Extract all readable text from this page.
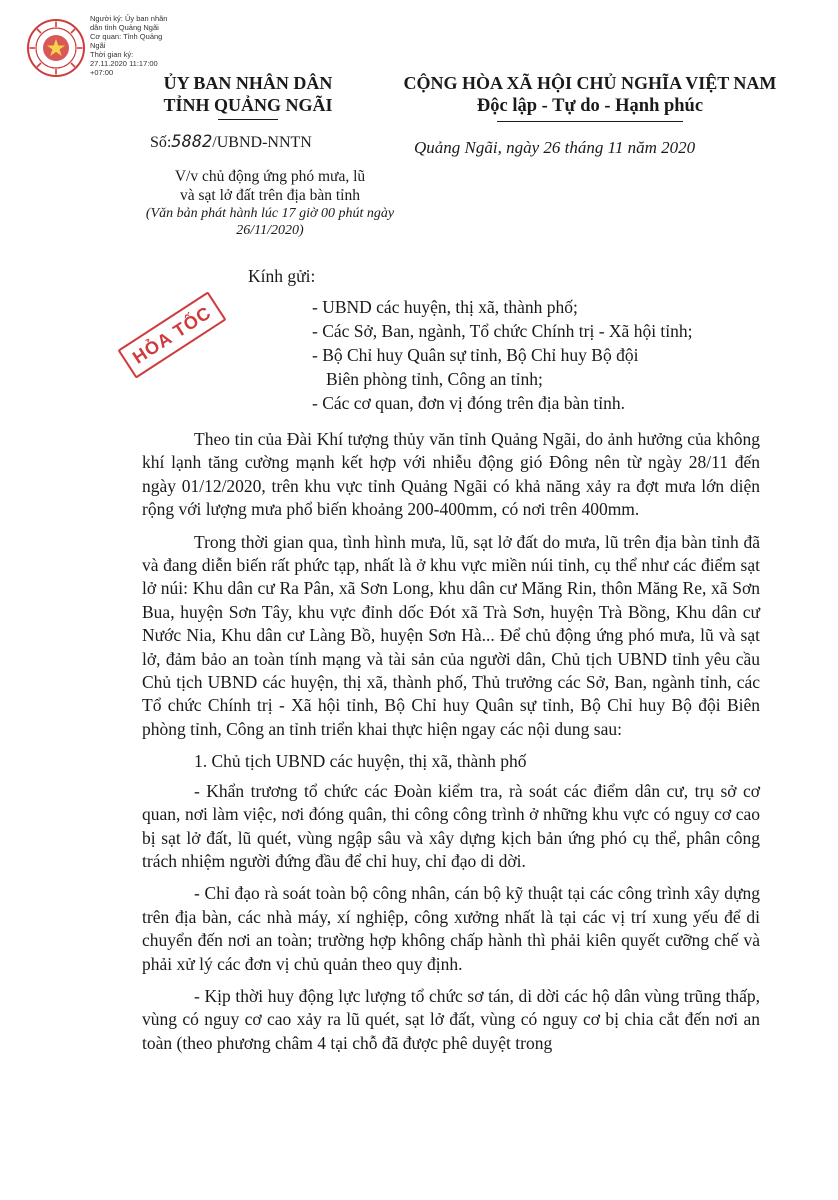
Người ký: Ủy ban nhân
dân tỉnh Quảng Ngãi
Cơ quan: Tỉnh Quảng
Ngãi
Thời gian ký:
27.11.2020 11:17:00
+07:00
ỦY BAN NHÂN DÂN
TỈNH QUẢNG NGÃI
CỘNG HÒA XÃ HỘI CHỦ NGHĨA VIỆT NAM
Độc lập - Tự do - Hạnh phúc
Số:5882/UBND-NNTN	Quảng Ngãi, ngày 26 tháng 11 năm 2020
V/v chủ động ứng phó mưa, lũ
và sạt lở đất trên địa bàn tỉnh
(Văn bản phát hành lúc 17 giờ 00 phút ngày 26/11/2020)
HỎA TỐC
Kính gửi:
- UBND các huyện, thị xã, thành phố;
- Các Sở, Ban, ngành, Tổ chức Chính trị - Xã hội tỉnh;
- Bộ Chỉ huy Quân sự tỉnh, Bộ Chỉ huy Bộ đội
Biên phòng tỉnh, Công an tỉnh;
- Các cơ quan, đơn vị đóng trên địa bàn tỉnh.

Theo tin của Đài Khí tượng thủy văn tỉnh Quảng Ngãi, do ảnh hưởng của không khí lạnh tăng cường mạnh kết hợp với nhiễu động gió Đông nên từ ngày 28/11 đến ngày 01/12/2020, trên khu vực tỉnh Quảng Ngãi có khả năng xảy ra đợt mưa lớn diện rộng với lượng mưa phổ biến khoảng 200-400mm, có nơi trên 400mm.

Trong thời gian qua, tình hình mưa, lũ, sạt lở đất do mưa, lũ trên địa bàn tỉnh đã và đang diễn biến rất phức tạp, nhất là ở khu vực miền núi tỉnh, cụ thể như các điểm sạt lở núi: Khu dân cư Ra Pân, xã Sơn Long, khu dân cư Măng Rin, thôn Măng Re, xã Sơn Bua, huyện Sơn Tây, khu vực đỉnh dốc Đót xã Trà Sơn, huyện Trà Bồng, Khu dân cư Nước Nia, Khu dân cư Làng Bồ, huyện Sơn Hà... Để chủ động ứng phó mưa, lũ và sạt lở, đảm bảo an toàn tính mạng và tài sản của người dân, Chủ tịch UBND tỉnh yêu cầu Chủ tịch UBND các huyện, thị xã, thành phố, Thủ trưởng các Sở, Ban, ngành tỉnh, các Tổ chức Chính trị - Xã hội tỉnh, Bộ Chỉ huy Quân sự tỉnh, Bộ Chỉ huy Bộ đội Biên phòng tỉnh, Công an tỉnh triển khai thực hiện ngay các nội dung sau:

1. Chủ tịch UBND các huyện, thị xã, thành phố

- Khẩn trương tổ chức các Đoàn kiểm tra, rà soát các điểm dân cư, trụ sở cơ quan, nơi làm việc, nơi đóng quân, thi công công trình ở những khu vực có nguy cơ cao bị sạt lở đất, lũ quét, vùng ngập sâu và xây dựng kịch bản ứng phó cụ thể, phân công trách nhiệm người đứng đầu để chỉ huy, chỉ đạo di dời.

- Chỉ đạo rà soát toàn bộ công nhân, cán bộ kỹ thuật tại các công trình xây dựng trên địa bàn, các nhà máy, xí nghiệp, công xưởng nhất là tại các vị trí xung yếu để di chuyển đến nơi an toàn; trường hợp không chấp hành thì phải kiên quyết cưỡng chế và phải xử lý các đơn vị chủ quản theo quy định.

- Kịp thời huy động lực lượng tổ chức sơ tán, di dời các hộ dân vùng trũng thấp, vùng có nguy cơ cao xảy ra lũ quét, sạt lở đất, vùng có nguy cơ bị chia cắt đến nơi an toàn (theo phương châm 4 tại chỗ đã được phê duyệt trong
